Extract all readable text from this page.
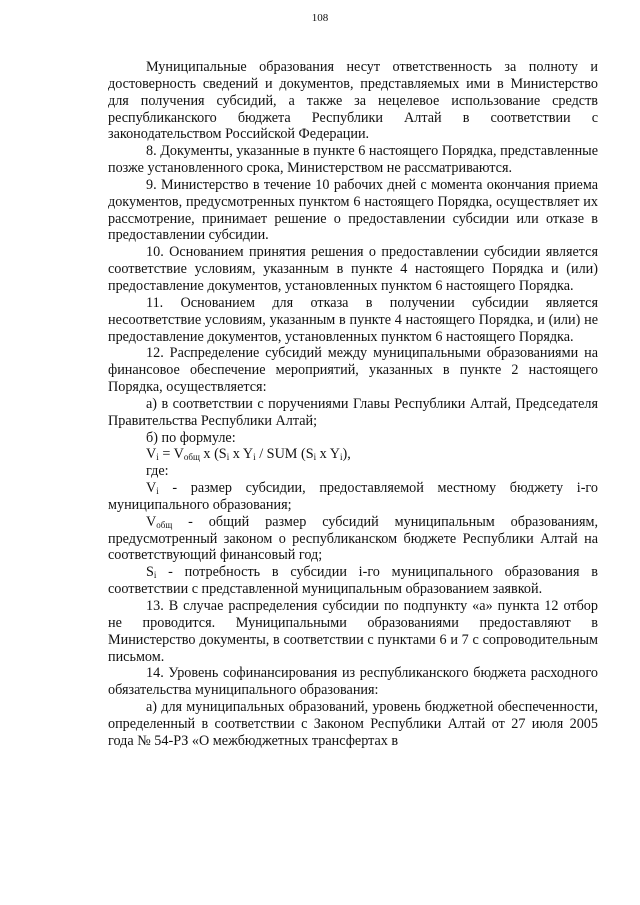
108

Муниципальные образования несут ответственность за полноту и достоверность сведений и документов, представляемых ими в Министерство для получения субсидий, а также за нецелевое использование средств республиканского бюджета Республики Алтай в соответствии с законодательством Российской Федерации.

8. Документы, указанные в пункте 6 настоящего Порядка, представленные позже установленного срока, Министерством не рассматриваются.

9. Министерство в течение 10 рабочих дней с момента окончания приема документов, предусмотренных пунктом 6 настоящего Порядка, осуществляет их рассмотрение, принимает решение о предоставлении субсидии или отказе в предоставлении субсидии.

10. Основанием принятия решения о предоставлении субсидии является соответствие условиям, указанным в пункте 4 настоящего Порядка и (или) предоставление документов, установленных пунктом 6 настоящего Порядка.

11. Основанием для отказа в получении субсидии является несоответствие условиям, указанным в пункте 4 настоящего Порядка, и (или) не предоставление документов, установленных пунктом 6 настоящего Порядка.

12. Распределение субсидий между муниципальными образованиями на финансовое обеспечение мероприятий, указанных в пункте 2 настоящего Порядка, осуществляется:

а) в соответствии с поручениями Главы Республики Алтай, Председателя Правительства Республики Алтай;

б) по формуле:

$V_i = V_{общ}$ x ($S_i$ x $Y_i$ / SUM ($S_i$ x $Y_i$),

где:

$V_i$ - размер субсидии, предоставляемой местному бюджету i-го муниципального образования;

$V_{общ}$ - общий размер субсидий муниципальным образованиям, предусмотренный законом о республиканском бюджете Республики Алтай на соответствующий финансовый год;

$S_i$ - потребность в субсидии i-го муниципального образования в соответствии с представленной муниципальным образованием заявкой.

13. В случае распределения субсидии по подпункту «а» пункта 12 отбор не проводится. Муниципальными образованиями предоставляют в Министерство документы, в соответствии с пунктами 6 и 7 с сопроводительным письмом.

14. Уровень софинансирования из республиканского бюджета расходного обязательства муниципального образования:

а) для муниципальных образований, уровень бюджетной обеспеченности, определенный в соответствии с Законом Республики Алтай от 27 июля 2005 года № 54-РЗ «О межбюджетных трансфертах в
